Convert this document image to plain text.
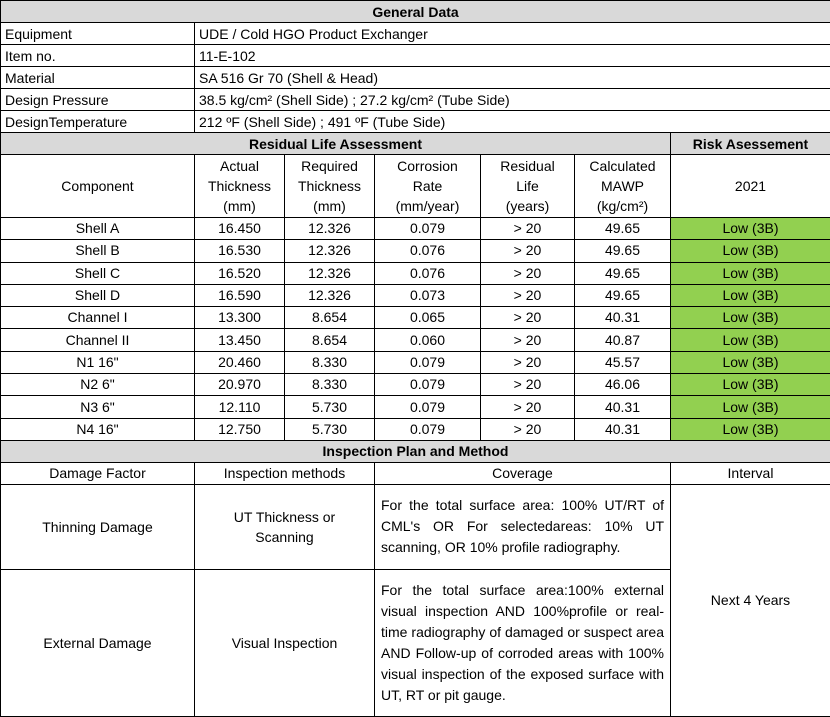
General Data						
Equipment	UDE / Cold HGO Product Exchanger					
Item no.	11-E-102					
Material	SA 516 Gr 70 (Shell & Head)					
Design Pressure	38.5 kg/cm² (Shell Side) ; 27.2 kg/cm² (Tube Side)					
DesignTemperature	212 ºF (Shell Side) ; 491 ºF (Tube Side)					
Residual Life Assessment						Risk Asessement
Component	Actual
Thickness
(mm)	Required
Thickness
(mm)	Corrosion
Rate
(mm/year)	Residual
Life
(years)	Calculated
MAWP
(kg/cm²)	2021
Shell A	16.450	12.326	0.079	> 20	49.65	Low (3B)
Shell B	16.530	12.326	0.076	> 20	49.65	Low (3B)
Shell C	16.520	12.326	0.076	> 20	49.65	Low (3B)
Shell D	16.590	12.326	0.073	> 20	49.65	Low (3B)
Channel I	13.300	8.654	0.065	> 20	40.31	Low (3B)
Channel II	13.450	8.654	0.060	> 20	40.87	Low (3B)
N1 16"	20.460	8.330	0.079	> 20	45.57	Low (3B)
N2 6"	20.970	8.330	0.079	> 20	46.06	Low (3B)
N3 6"	12.110	5.730	0.079	> 20	40.31	Low (3B)
N4 16"	12.750	5.730	0.079	> 20	40.31	Low (3B)
Inspection Plan and Method						
Damage Factor	Inspection methods		Coverage			Interval
Thinning Damage	UT Thickness or Scanning		For the total surface area: 100% UT/RT of CML's OR For selectedareas: 10% UT scanning, OR 10% profile radiography.			Next 4 Years
External Damage	Visual Inspection		For the total surface area:100% external visual inspection AND 100%profile or real-time radiography of damaged or suspect area AND Follow-up of corroded areas with 100% visual inspection of the exposed surface with UT, RT or pit gauge.			
